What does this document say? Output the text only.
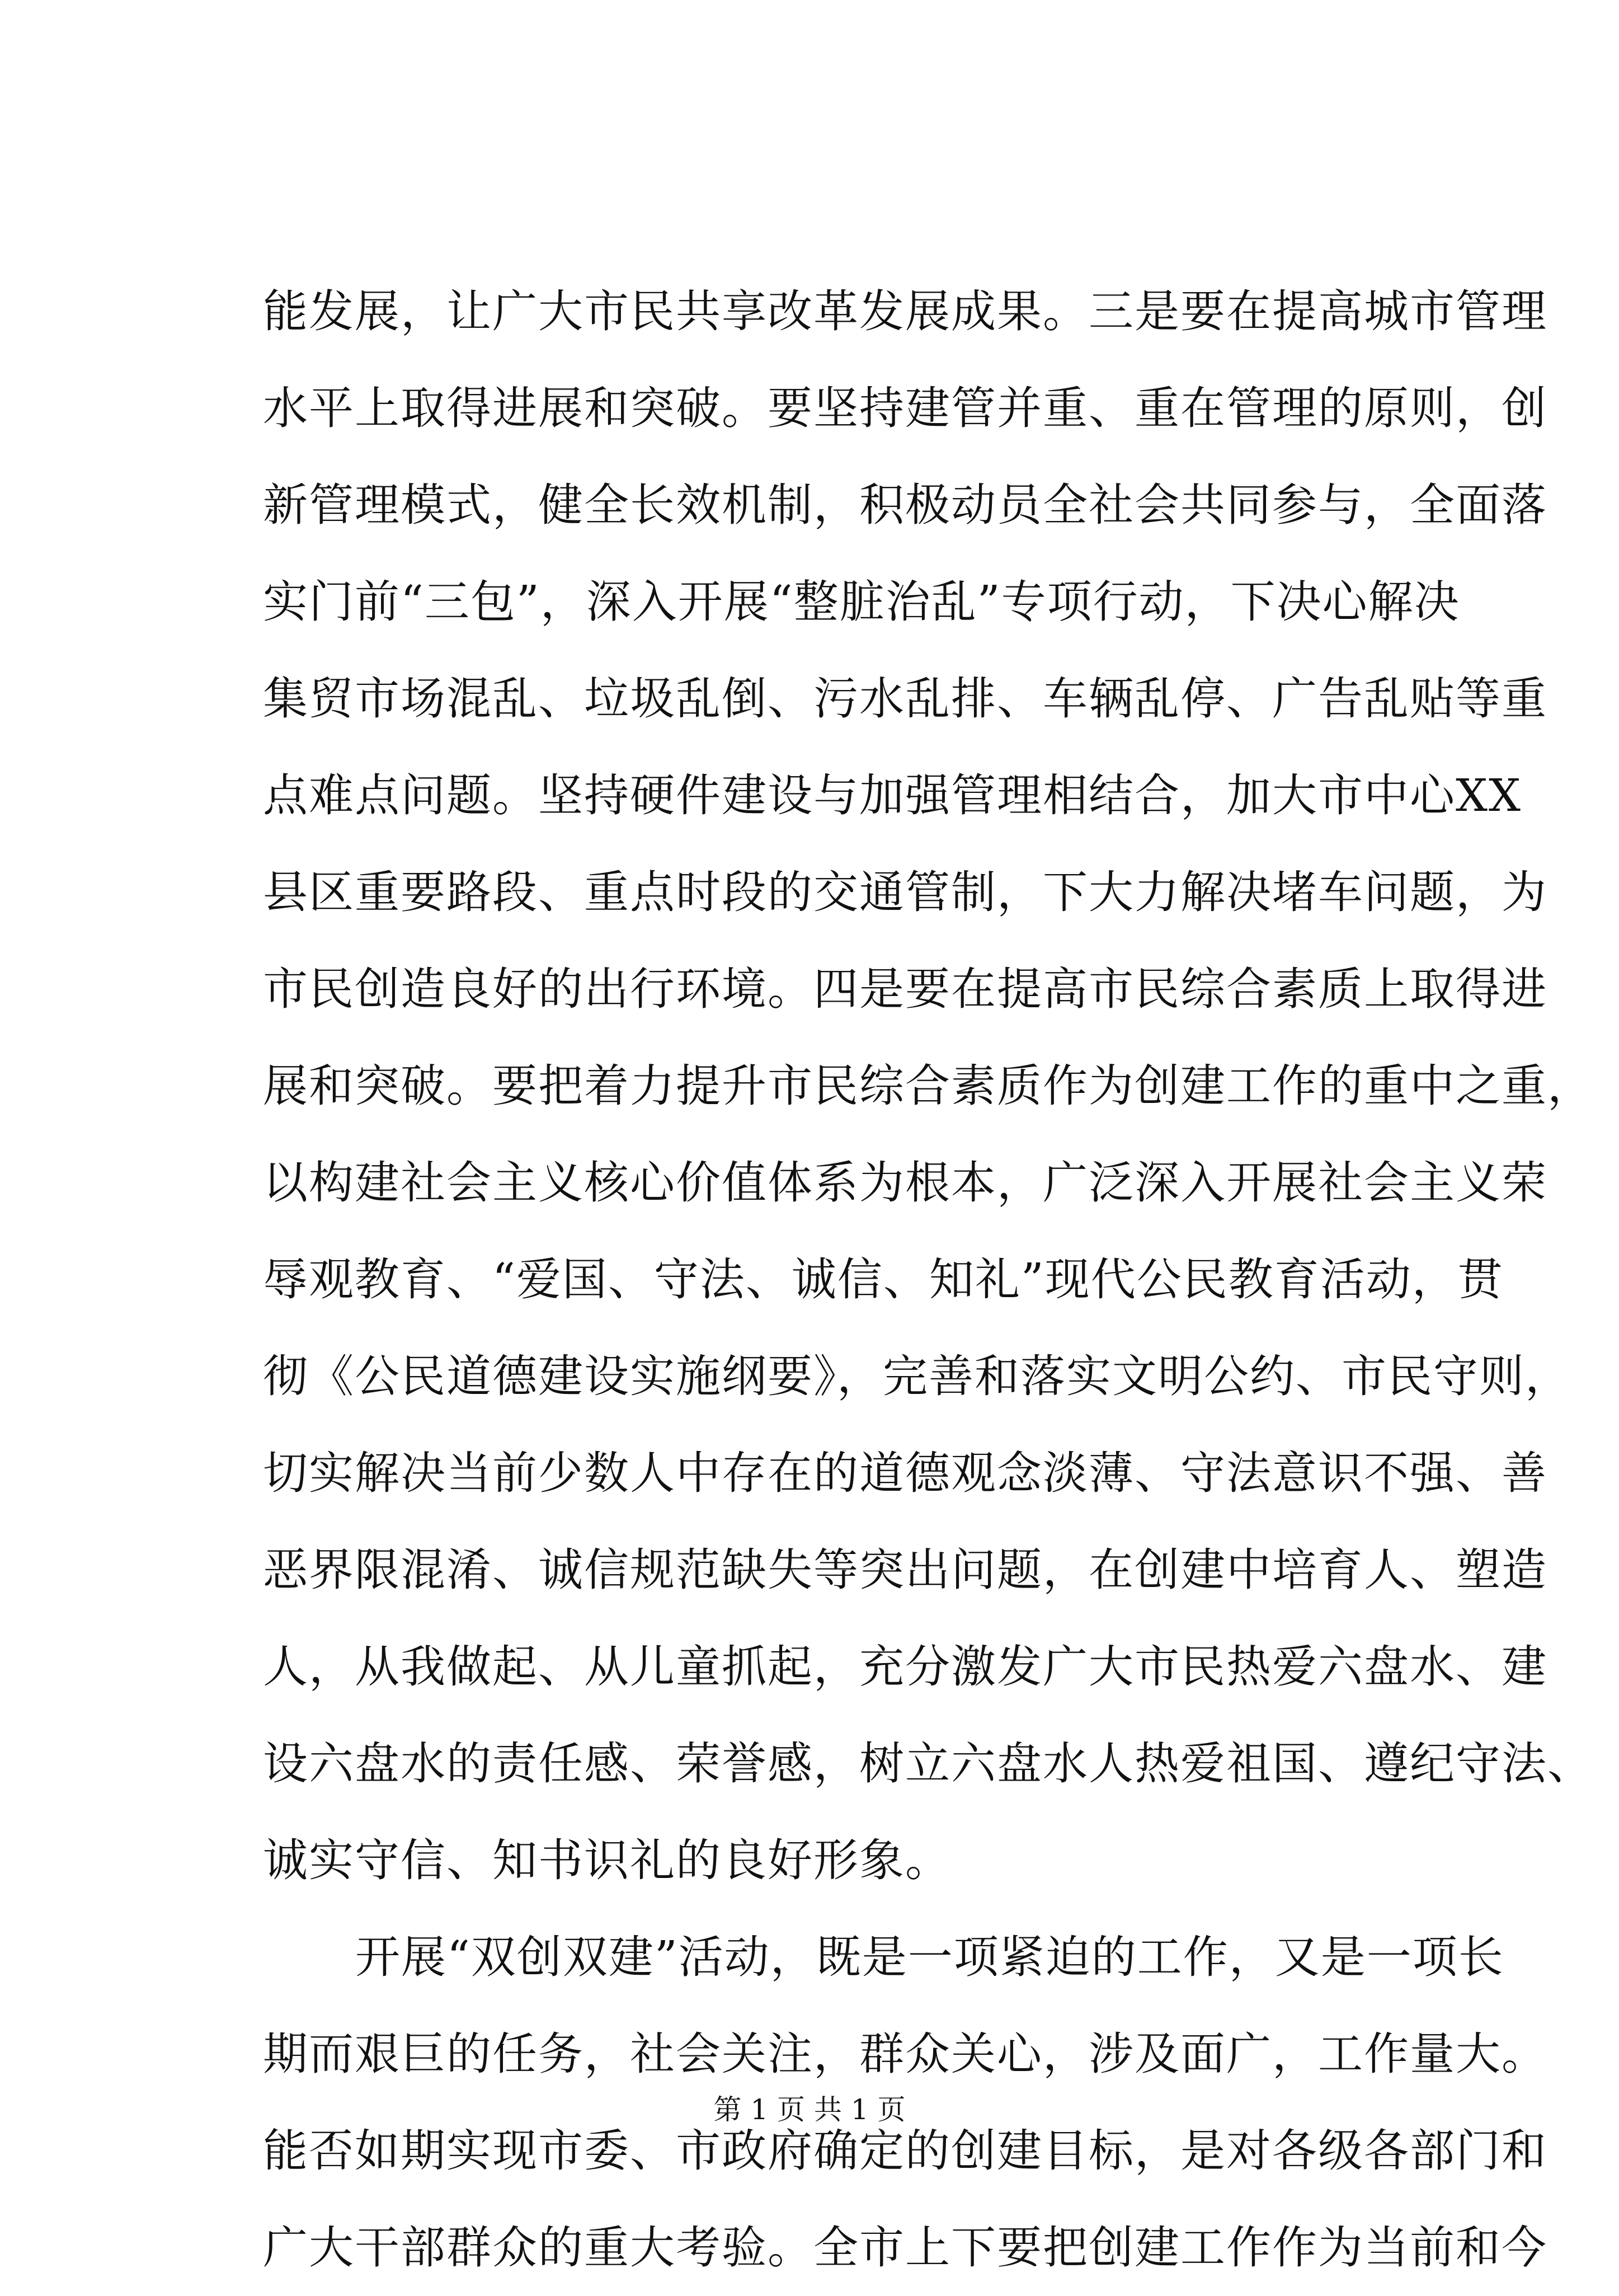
能发展，让广大市民共享改革发展成果。三是要在提高城市管理
水平上取得进展和突破。要坚持建管并重、重在管理的原则，创
新管理模式，健全长效机制，积极动员全社会共同参与，全面落
实门前“三包”，深入开展“整脏治乱”专项行动，下决心解决
集贸市场混乱、垃圾乱倒、污水乱排、车辆乱停、广告乱贴等重
点难点问题。坚持硬件建设与加强管理相结合，加大市中心XX
县区重要路段、重点时段的交通管制，下大力解决堵车问题，为
市民创造良好的出行环境。四是要在提高市民综合素质上取得进
展和突破。要把着力提升市民综合素质作为创建工作的重中之重，
以构建社会主义核心价值体系为根本，广泛深入开展社会主义荣
辱观教育、“爱国、守法、诚信、知礼”现代公民教育活动，贯
彻《公民道德建设实施纲要》，完善和落实文明公约、市民守则，
切实解决当前少数人中存在的道德观念淡薄、守法意识不强、善
恶界限混淆、诚信规范缺失等突出问题，在创建中培育人、塑造
人，从我做起、从儿童抓起，充分激发广大市民热爱六盘水、建
设六盘水的责任感、荣誉感，树立六盘水人热爱祖国、遵纪守法、
诚实守信、知书识礼的良好形象。
开展“双创双建”活动，既是一项紧迫的工作，又是一项长
期而艰巨的任务，社会关注，群众关心，涉及面广，工作量大。
能否如期实现市委、市政府确定的创建目标，是对各级各部门和
广大干部群众的重大考验。全市上下要把创建工作作为当前和今
第 1 页 共 1 页
